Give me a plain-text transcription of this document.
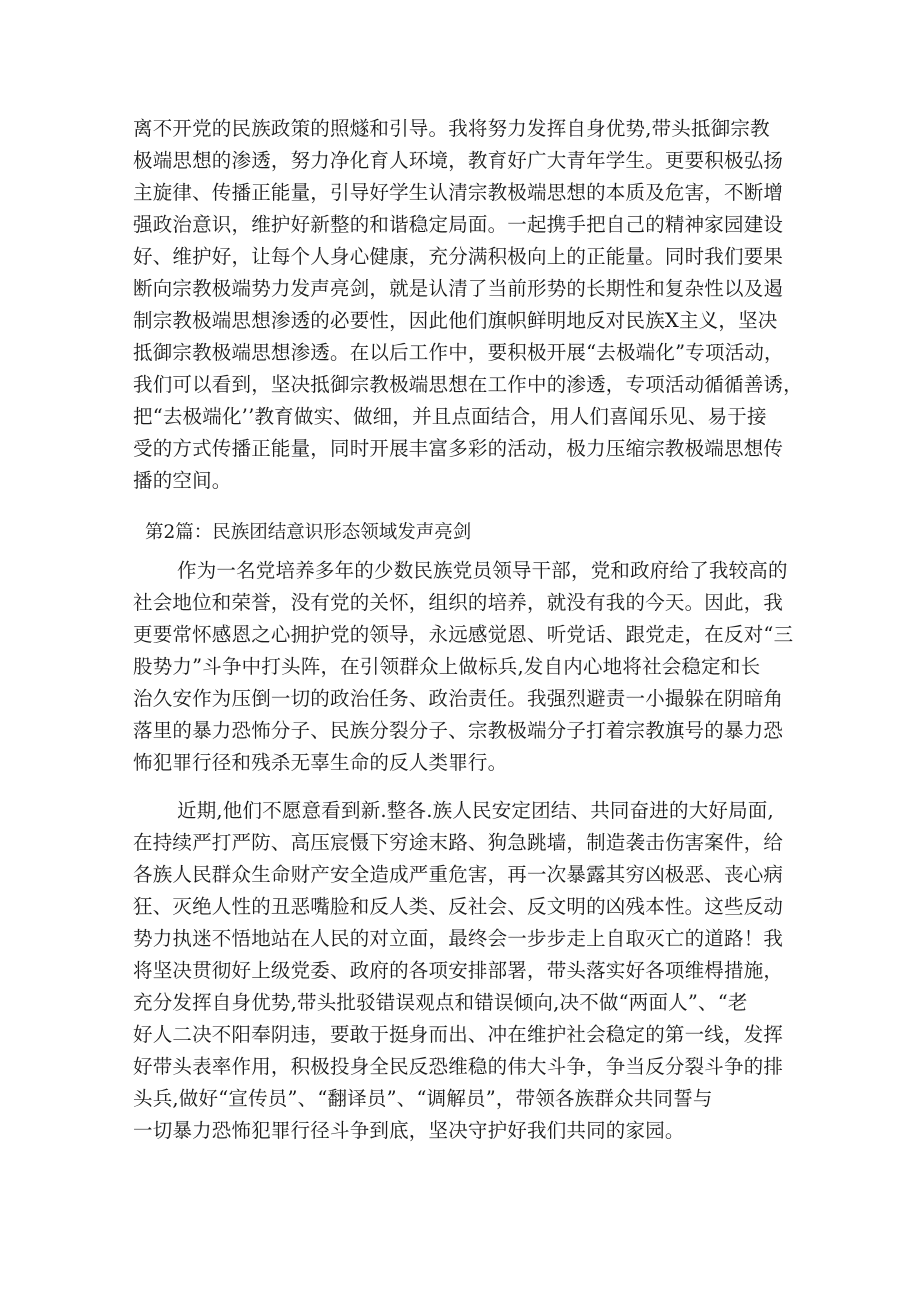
离不开党的民族政策的照燧和引导。我将努力发挥自身优势,带头抵御宗教
极端思想的渗透，努力净化育人环境，教育好广大青年学生。更要积极弘扬
主旋律、传播正能量，引导好学生认清宗教极端思想的本质及危害，不断增
强政治意识，维护好新整的和谐稳定局面。一起携手把自己的精神家园建设
好、维护好，让每个人身心健康，充分满积极向上的正能量。同时我们要果
断向宗教极端势力发声亮剑，就是认清了当前形势的长期性和复杂性以及遏
制宗教极端思想渗透的必要性，因此他们旗帜鲜明地反对民族X主义，坚决
抵御宗教极端思想渗透。在以后工作中，要积极开展“去极端化”专项活动，
我们可以看到，坚决抵御宗教极端思想在工作中的渗透，专项活动循循善诱，
把“去极端化’’教育做实、做细，并且点面结合，用人们喜闻乐见、易于接
受的方式传播正能量，同时开展丰富多彩的活动，极力压缩宗教极端思想传
播的空间。
第2篇：民族团结意识形态领域发声亮剑
作为一名党培养多年的少数民族党员领导干部，党和政府给了我较高的
社会地位和荣誉，没有党的关怀，组织的培养，就没有我的今天。因此，我
更要常怀感恩之心拥护党的领导，永远感觉恩、听党话、跟党走，在反对“三
股势力”斗争中打头阵，在引领群众上做标兵,发自内心地将社会稳定和长
治久安作为压倒一切的政治任务、政治责任。我强烈避责一小撮躲在阴暗角
落里的暴力恐怖分子、民族分裂分子、宗教极端分子打着宗教旗号的暴力恐
怖犯罪行径和残杀无辜生命的反人类罪行。
近期,他们不愿意看到新.整各.族人民安定团结、共同奋进的大好局面,
在持续严打严防、高压宸慑下穷途末路、狗急跳墙，制造袭击伤害案件，给
各族人民群众生命财产安全造成严重危害，再一次暴露其穷凶极恶、丧心病
狂、灭绝人性的丑恶嘴脸和反人类、反社会、反文明的凶残本性。这些反动
势力执迷不悟地站在人民的对立面，最终会一步步走上自取灭亡的道路！我
将坚决贯彻好上级党委、政府的各项安排部署，带头落实好各项维棏措施，
充分发挥自身优势,带头批驳错误观点和错误倾向,决不做“两面人”、“老
好人二决不阳奉阴违，要敢于挺身而出、冲在维护社会稳定的第一线，发挥
好带头表率作用，积极投身全民反恐维稳的伟大斗争，争当反分裂斗争的排
头兵,做好“宣传员”、“翻译员”、“调解员”，带领各族群众共同誓与
一切暴力恐怖犯罪行径斗争到底，坚决守护好我们共同的家园。
